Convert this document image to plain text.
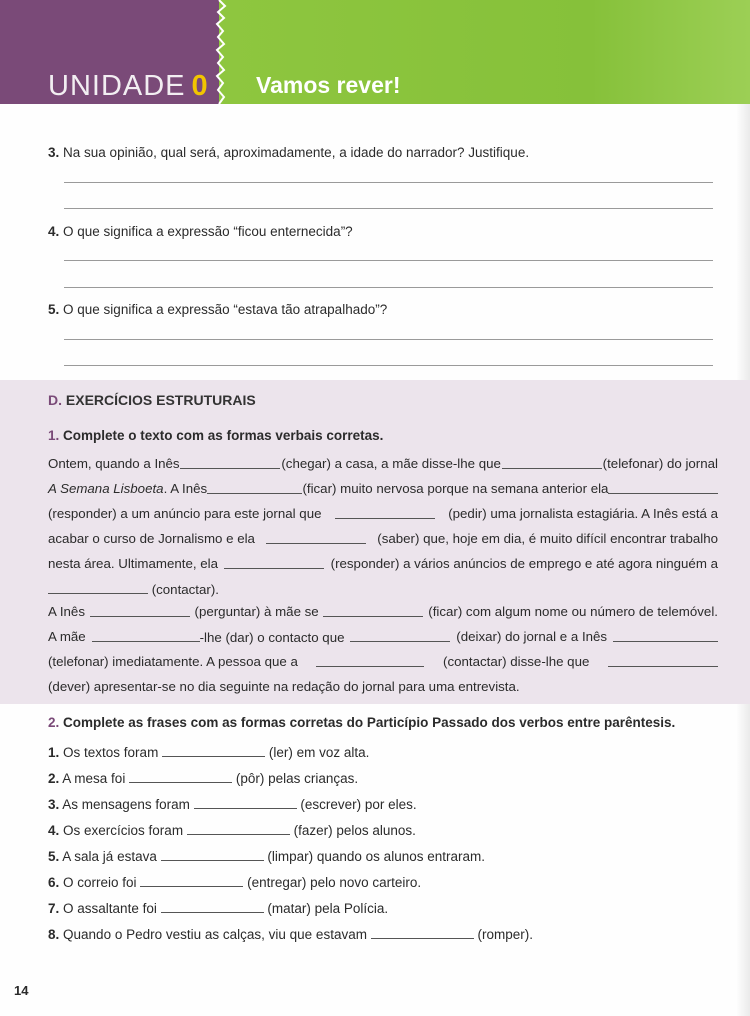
UNIDADE 0 Vamos rever!
3. Na sua opinião, qual será, aproximadamente, a idade do narrador? Justifique.
4. O que significa a expressão “ficou enternecida”?
5. O que significa a expressão “estava tão atrapalhado”?
D. EXERCÍCIOS ESTRUTURAIS
1. Complete o texto com as formas verbais corretas.
Ontem, quando a Inês	(chegar) a casa, a mãe disse-lhe que	(telefonar) do jornal
A Semana Lisboeta. A Inês	(ficar) muito nervosa porque na semana anterior ela
(responder) a um anúncio para este jornal que	(pedir) uma jornalista estagiária. A Inês está a
acabar o curso de Jornalismo e ela	(saber) que, hoje em dia, é muito difícil encontrar trabalho
nesta área. Ultimamente, ela	(responder) a vários anúncios de emprego e até agora ninguém a
(contactar).
A Inês	(perguntar) à mãe se	(ficar) com algum nome ou número de telemóvel.
A mãe	-lhe (dar) o contacto que	(deixar) do jornal e a Inês
(telefonar) imediatamente. A pessoa que a	(contactar) disse-lhe que
(dever) apresentar-se no dia seguinte na redação do jornal para uma entrevista.
2. Complete as frases com as formas corretas do Particípio Passado dos verbos entre parêntesis.
1. Os textos foram	(ler) em voz alta.
2. A mesa foi	(pôr) pelas crianças.
3. As mensagens foram	(escrever) por eles.
4. Os exercícios foram	(fazer) pelos alunos.
5. A sala já estava	(limpar) quando os alunos entraram.
6. O correio foi	(entregar) pelo novo carteiro.
7. O assaltante foi	(matar) pela Polícia.
8. Quando o Pedro vestiu as calças, viu que estavam	(romper).
14
